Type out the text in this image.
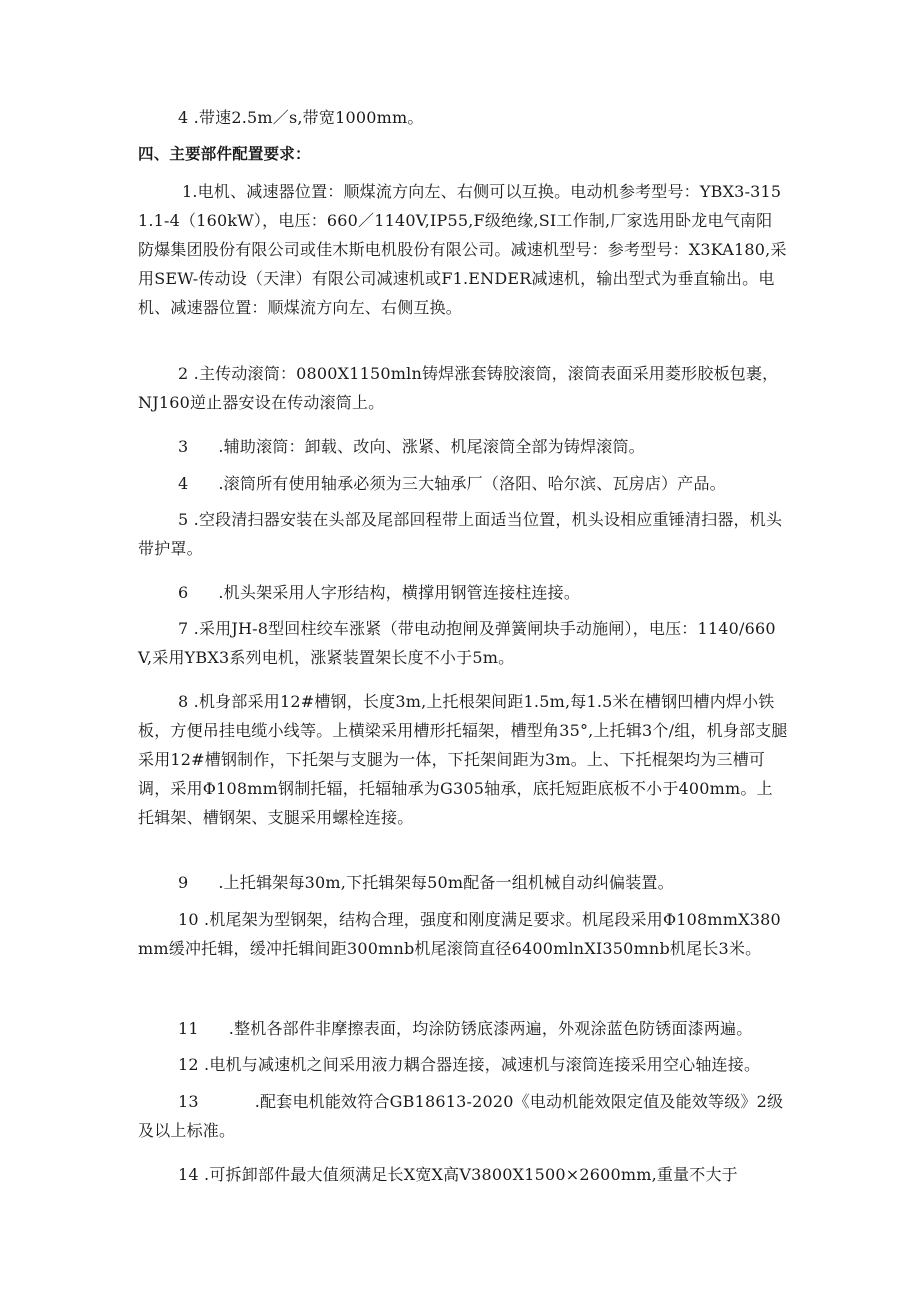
4 .带速2.5m／s,带宽1000mm。

四、主要部件配置要求：

1.电机、减速器位置：顺煤流方向左、右侧可以互换。电动机参考型号：YBX3-3151.1-4（160kW），电压：660／1140V,IP55,F级绝缘,SI工作制,厂家选用卧龙电气南阳防爆集团股份有限公司或佳木斯电机股份有限公司。减速机型号：参考型号：X3KA180,采用SEW-传动设（天津）有限公司减速机或F1.ENDER减速机，输出型式为垂直输出。电机、减速器位置：顺煤流方向左、右侧互换。

2 .主传动滚筒：0800X1150mln铸焊涨套铸胶滚筒，滚筒表面采用菱形胶板包裹，NJ160逆止器安设在传动滚筒上。

3 .辅助滚筒：卸载、改向、涨紧、机尾滚筒全部为铸焊滚筒。

4 .滚筒所有使用轴承必须为三大轴承厂（洛阳、哈尔滨、瓦房店）产品。

5 .空段清扫器安装在头部及尾部回程带上面适当位置，机头设相应重锤清扫器，机头带护罩。

6 .机头架采用人字形结构，横撑用钢管连接柱连接。

7 .采用JH-8型回柱绞车涨紧（带电动抱闸及弹簧闸块手动施闸），电压：1140/660V,采用YBX3系列电机，涨紧装置架长度不小于5m。

8 .机身部采用12#槽钢，长度3m,上托根架间距1.5m,每1.5米在槽钢凹槽内焊小铁板，方便吊挂电缆小线等。上横梁采用槽形托辐架，槽型角35°,上托辑3个/组，机身部支腿采用12#槽钢制作，下托架与支腿为一体，下托架间距为3m。上、下托棍架均为三槽可调，采用Φ108mm钢制托辐，托辐轴承为G305轴承，底托短距底板不小于400mm。上托辑架、槽钢架、支腿采用螺栓连接。

9 .上托辑架每30m,下托辑架每50m配备一组机械自动纠偏装置。

10 .机尾架为型钢架，结构合理，强度和刚度满足要求。机尾段采用Φ108mmX380mm缓冲托辑，缓冲托辑间距300mnb机尾滚筒直径6400mlnXI350mnb机尾长3米。

11 .整机各部件非摩擦表面，均涂防锈底漆两遍，外观涂蓝色防锈面漆两遍。

12 .电机与减速机之间采用液力耦合器连接，减速机与滚筒连接采用空心轴连接。

13	.配套电机能效符合GB18613-2020《电动机能效限定值及能效等级》2级及以上标准。

14 .可拆卸部件最大值须满足长X宽X高V3800X1500×2600mm,重量不大于
